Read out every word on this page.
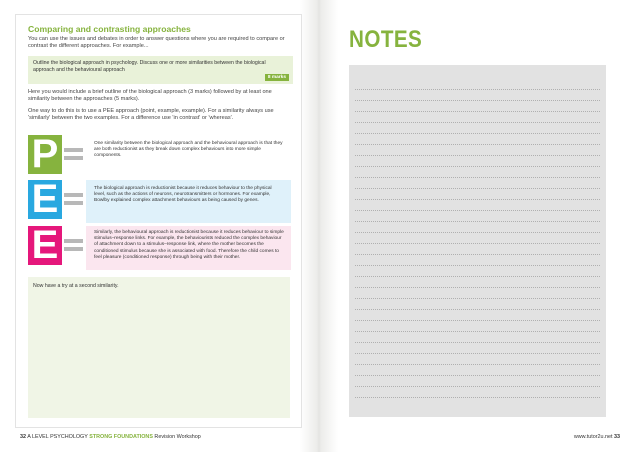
Comparing and contrasting approaches
You can use the issues and debates in order to answer questions where you are required to compare or contrast the different approaches. For example...
Outline the biological approach in psychology. Discuss one or more similarities between the biological approach and the behavioural approach
8 marks
Here you would include a brief outline of the biological approach (3 marks) followed by at least one similarity between the approaches (5 marks).
One way to do this is to use a PEE approach (point, example, example). For a similarity always use 'similarly' between the two examples. For a difference use 'in contrast' or 'whereas'.
P	One similarity between the biological approach and the behavioural approach is that they are both reductionist as they break down complex behaviours into more simple components.
E	The biological approach is reductionist because it reduces behaviour to the physical level, such as the actions of neurons, neurotransmitters or hormones. For example, Bowlby explained complex attachment behaviours as being caused by genes.
E	Similarly, the behavioural approach is reductionist because it reduces behaviour to simple stimulus–response links. For example, the behaviourists reduced the complex behaviour of attachment down to a stimulus–response link, where the mother becomes the conditioned stimulus because she is associated with food. Therefore the child comes to feel pleasure (conditioned response) through being with their mother.
Now have a try at a second similarity.
NOTES
32 A LEVEL PSYCHOLOGY STRONG FOUNDATIONS Revision Workshop	www.tutor2u.net 33
